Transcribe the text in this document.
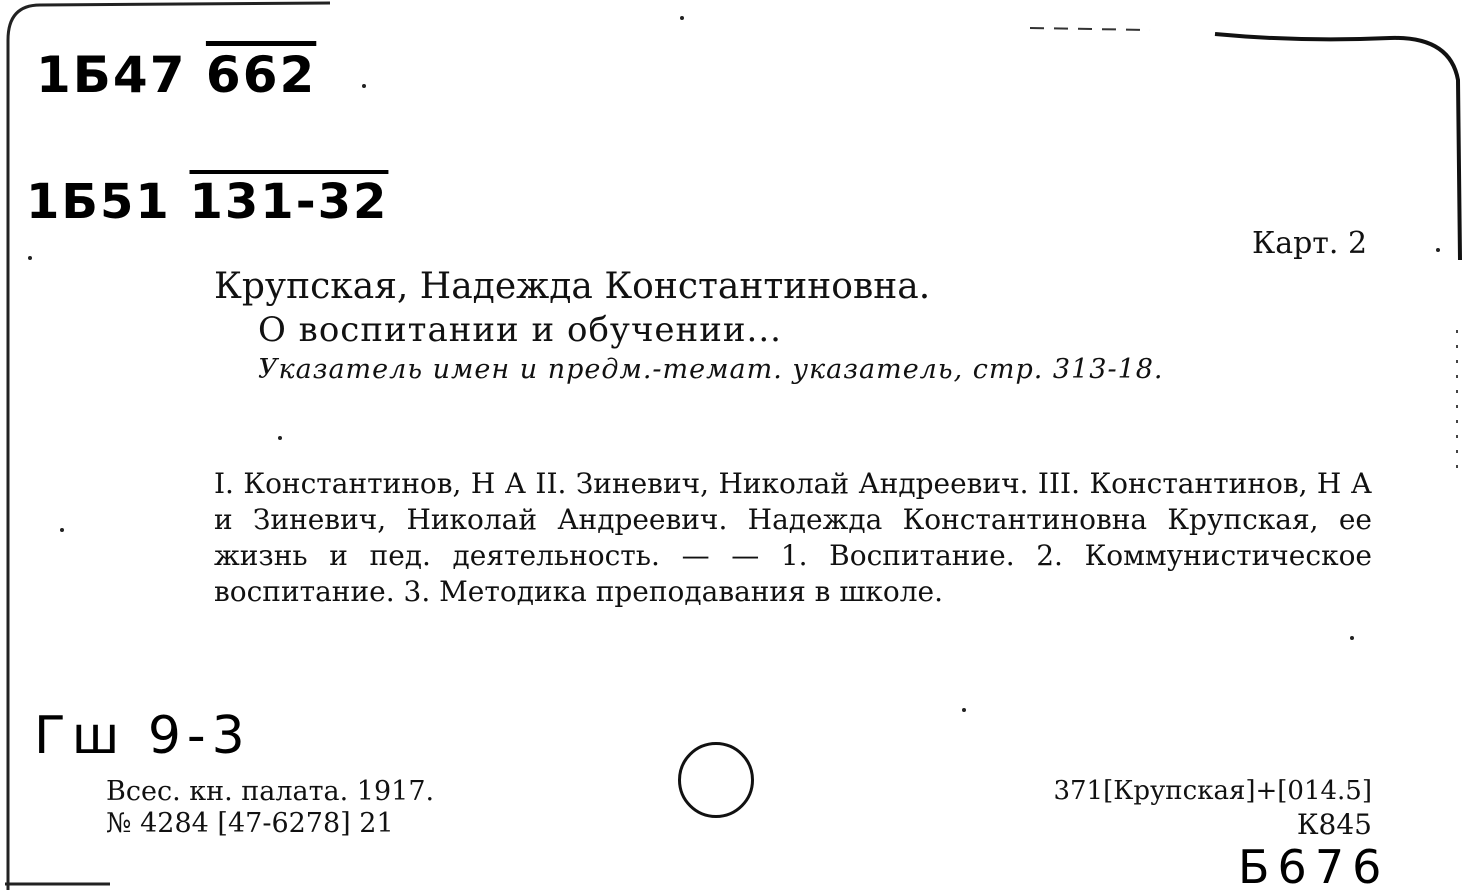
1Б47 662

1Б51 131-32

Карт. 2

Крупская, Надежда Константиновна.

О воспитании и обучении...

Указатель имен и предм.-темат. указатель, стр. 313-18.

I. Константинов, Н А II. Зиневич, Николай Андреевич. III. Константинов, Н А и Зиневич, Николай Андреевич. Надежда Константиновна Крупская, ее жизнь и пед. деятельность. — — 1. Воспитание. 2. Коммунистическое воспитание. 3. Методика преподавания в школе.

Гш 9-3

Всес. кн. палата. 1917.

№ 4284 [47-6278] 21

371[Крупская]+[014.5]

К845

Б676
